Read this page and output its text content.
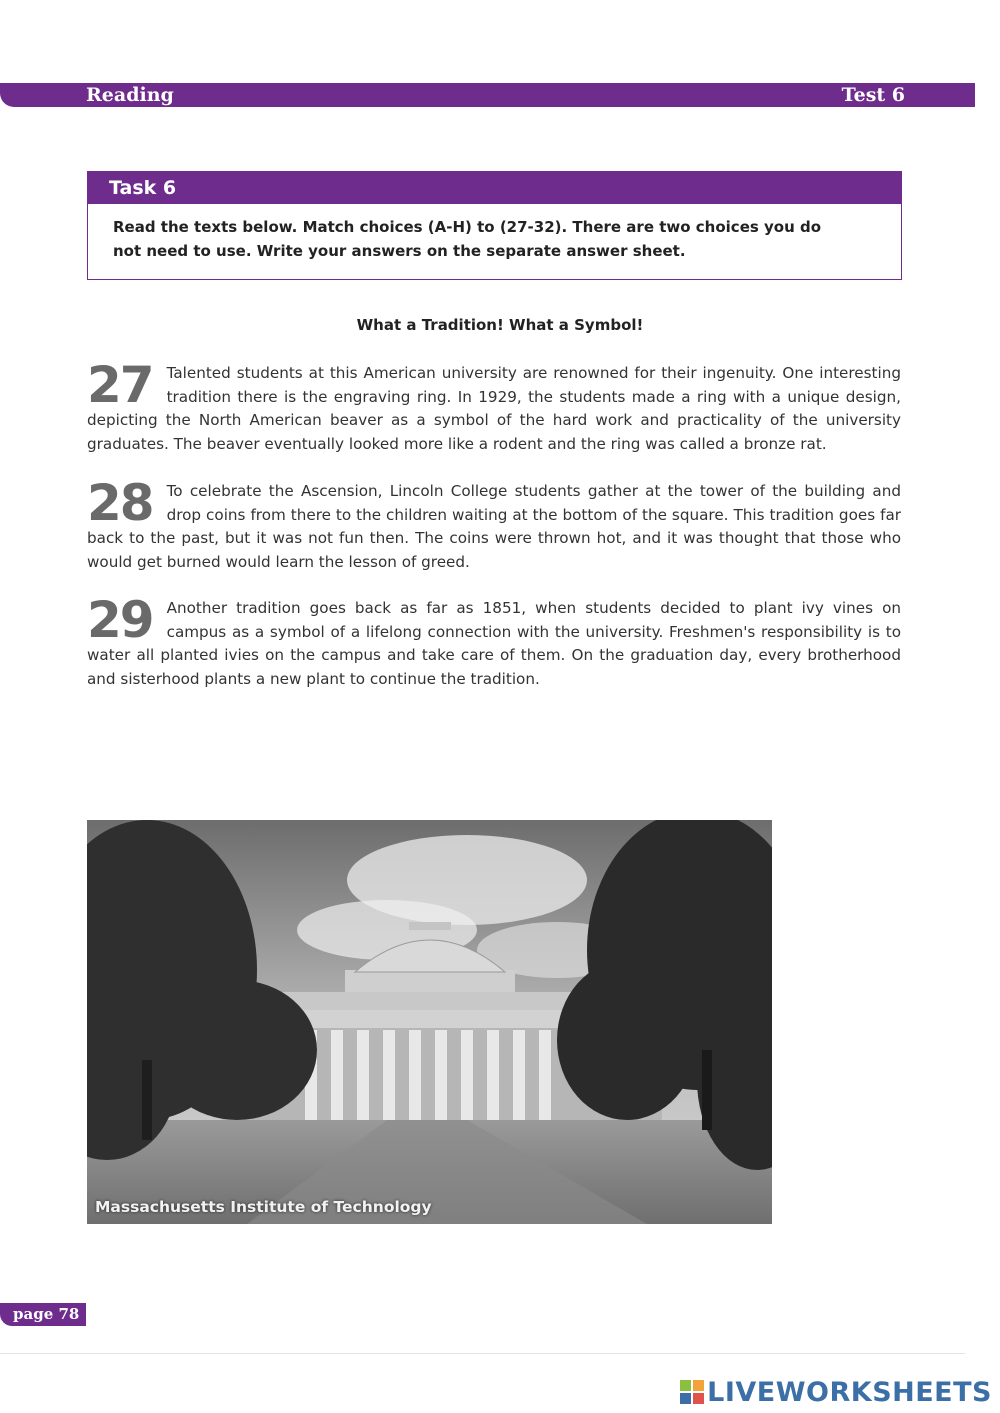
Reading	Test 6
Task 6
Read the texts below. Match choices (A-H) to (27-32). There are two choices you do not need to use. Write your answers on the separate answer sheet.
What a Tradition! What a Symbol!
27 Talented students at this American university are renowned for their ingenuity. One interesting tradition there is the engraving ring. In 1929, the students made a ring with a unique design, depicting the North American beaver as a symbol of the hard work and practicality of the university graduates. The beaver eventually looked more like a rodent and the ring was called a bronze rat.
28 To celebrate the Ascension, Lincoln College students gather at the tower of the building and drop coins from there to the children waiting at the bottom of the square. This tradition goes far back to the past, but it was not fun then. The coins were thrown hot, and it was thought that those who would get burned would learn the lesson of greed.
29 Another tradition goes back as far as 1851, when students decided to plant ivy vines on campus as a symbol of a lifelong connection with the university. Freshmen's responsibility is to water all planted ivies on the campus and take care of them. On the graduation day, every brotherhood and sisterhood plants a new plant to continue the tradition.
Massachusetts Institute of Technology
page 78
LIVEWORKSHEETS
